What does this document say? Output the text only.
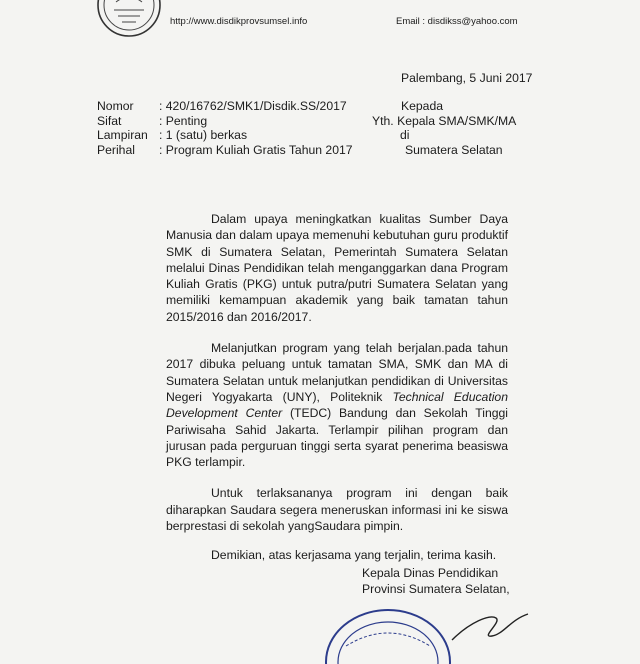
http://www.disdikprovsumsel.info	Email : disdikss@yahoo.com
Palembang, 5 Juni 2017
Nomor	: 420/16762/SMK1/Disdik.SS/2017
Sifat	: Penting
Lampiran : 1 (satu) berkas
Perihal	: Program Kuliah Gratis Tahun 2017
Kepada
Yth. Kepala SMA/SMK/MA
di
Sumatera Selatan

Dalam upaya meningkatkan kualitas Sumber Daya Manusia dan dalam upaya memenuhi kebutuhan guru produktif SMK di Sumatera Selatan, Pemerintah Sumatera Selatan melalui Dinas Pendidikan telah menganggarkan dana Program Kuliah Gratis (PKG) untuk putra/putri Sumatera Selatan yang memiliki kemampuan akademik yang baik tamatan tahun 2015/2016 dan 2016/2017.

Melanjutkan program yang telah berjalan.pada tahun 2017 dibuka peluang untuk tamatan SMA, SMK dan MA di Sumatera Selatan untuk melanjutkan pendidikan di Universitas Negeri Yogyakarta (UNY), Politeknik Technical Education Development Center (TEDC) Bandung dan Sekolah Tinggi Pariwisaha Sahid Jakarta. Terlampir pilihan program dan jurusan pada perguruan tinggi serta syarat penerima beasiswa PKG terlampir.

Untuk terlaksananya program ini dengan baik diharapkan Saudara segera meneruskan informasi ini ke siswa berprestasi di sekolah yangSaudara pimpin.

Demikian, atas kerjasama yang terjalin, terima kasih.

Kepala Dinas Pendidikan
Provinsi Sumatera Selatan,
